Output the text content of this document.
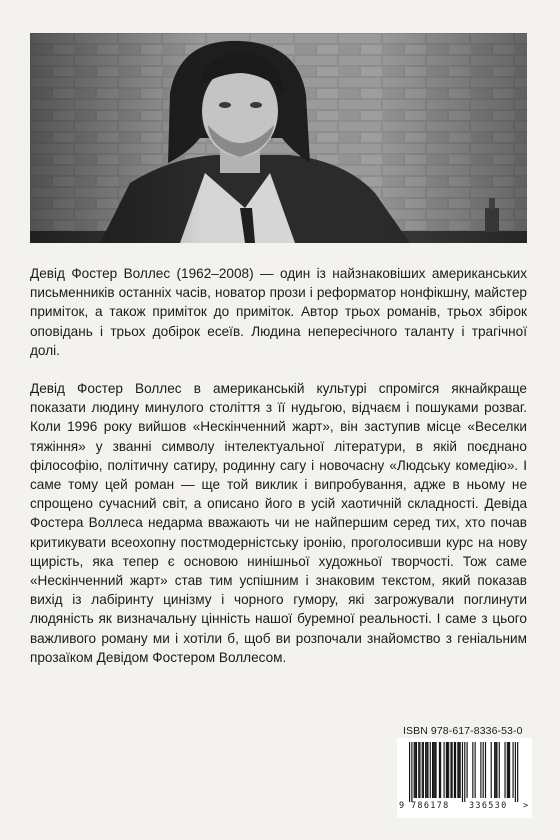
Девід Фостер Воллес (1962–2008) — один із найзнаковіших американських письменників останніх часів, новатор прози і реформатор нонфікшну, майстер приміток, а також приміток до приміток. Автор трьох романів, трьох збірок оповідань і трьох добірок есеїв. Людина непересічного таланту і трагічної долі.

Девід Фостер Воллес в американській культурі спромігся якнайкраще показати людину минулого століття з її нудьгою, відчаєм і пошуками розваг. Коли 1996 року вийшов «Нескінченний жарт», він заступив місце «Веселки тяжіння» у званні символу інтелектуальної літератури, в якій поєднано філософію, політичну сатиру, родинну сагу і новочасну «Людську комедію». І саме тому цей роман — ще той виклик і випробування, адже в ньому не спрощено сучасний світ, а описано його в усій хаотичній складності. Девіда Фостера Воллеса недарма вважають чи не найпершим серед тих, хто почав критикувати всеохопну постмодерністську іронію, проголосивши курс на нову щирість, яка тепер є основою нинішньої художньої творчості. Тож саме «Нескінченний жарт» став тим успішним і знаковим текстом, який показав вихід із лабіринту цинізму і чорного гумору, які загрожували поглинути людяність як визначальну цінність нашої буремної реальності. І саме з цього важливого роману ми і хотіли б, щоб ви розпочали знайомство з геніальним прозаїком Девідом Фостером Воллесом.

ISBN 978-617-8336-53-0

9 786178 336530 >
